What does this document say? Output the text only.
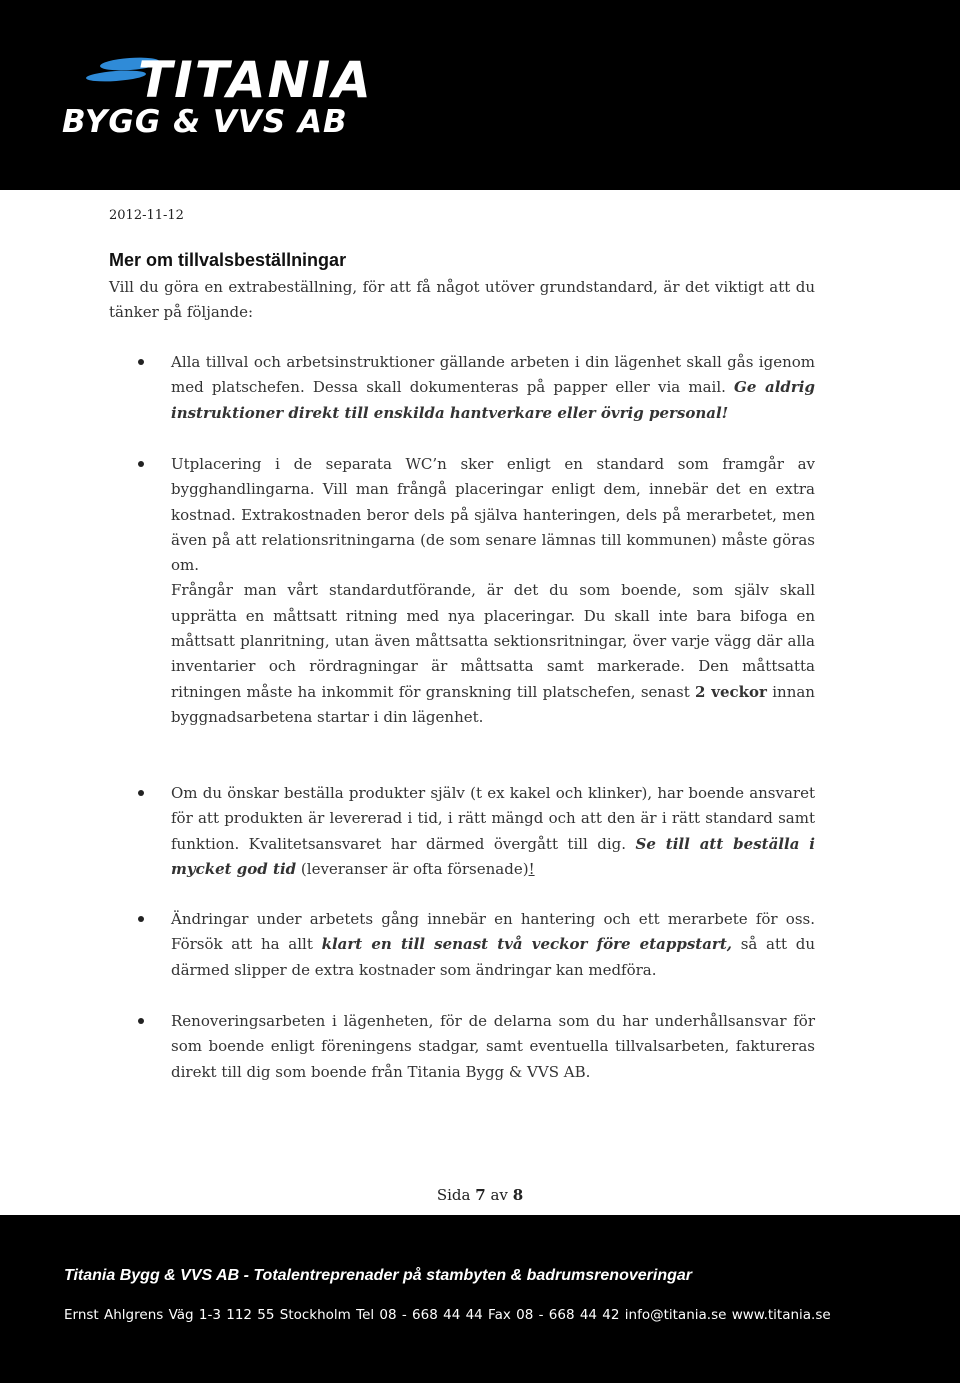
TITANIA
BYGG & VVS AB
2012-11-12
Mer om tillvalsbeställningar
Vill du göra en extrabeställning, för att få något utöver grundstandard, är det viktigt att du tänker på följande:
Alla tillval och arbetsinstruktioner gällande arbeten i din lägenhet skall gås igenom med platschefen. Dessa skall dokumenteras på papper eller via mail. Ge aldrig instruktioner direkt till enskilda hantverkare eller övrig personal!

Utplacering i de separata WC’n sker enligt en standard som framgår av bygghandlingarna. Vill man frångå placeringar enligt dem, innebär det en extra kostnad. Extrakostnaden beror dels på själva hanteringen, dels på merarbetet, men även på att relationsritningarna (de som senare lämnas till kommunen) måste göras om.

Frångår man vårt standardutförande, är det du som boende, som själv skall upprätta en måttsatt ritning med nya placeringar. Du skall inte bara bifoga en måttsatt planritning, utan även måttsatta sektionsritningar, över varje vägg där alla inventarier och rördragningar är måttsatta samt markerade. Den måttsatta ritningen måste ha inkommit för granskning till platschefen, senast 2 veckor innan byggnadsarbetena startar i din lägenhet.

Om du önskar beställa produkter själv (t ex kakel och klinker), har boende ansvaret för att produkten är levererad i tid, i rätt mängd och att den är i rätt standard samt funktion. Kvalitetsansvaret har därmed övergått till dig. Se till att beställa i mycket god tid (leveranser är ofta försenade)!
Ändringar under arbetets gång innebär en hantering och ett merarbete för oss. Försök att ha allt klart en till senast två veckor före etappstart, så att du därmed slipper de extra kostnader som ändringar kan medföra.
Renoveringsarbeten i lägenheten, för de delarna som du har underhållsansvar för som boende enligt föreningens stadgar, samt eventuella tillvalsarbeten, faktureras direkt till dig som boende från Titania Bygg & VVS AB.
Sida 7 av 8
Titania Bygg & VVS AB - Totalentreprenader på stambyten & badrumsrenoveringar
Ernst Ahlgrens Väg 1-3 112 55 Stockholm Tel 08 - 668 44 44 Fax 08 - 668 44 42 info@titania.se www.titania.se
